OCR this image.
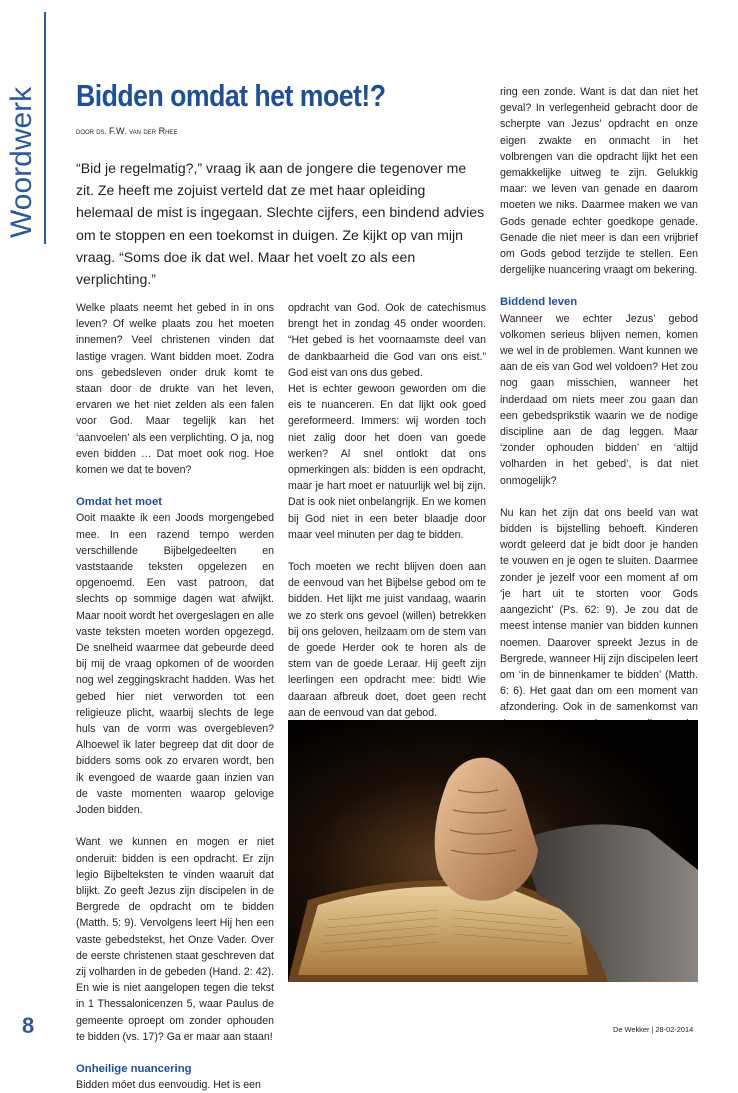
Woordwerk Bidden omdat het moet!?
door ds. F.W. van der Rhee
“Bid je regelmatig?,” vraag ik aan de jongere die tegenover me zit. Ze heeft me zojuist verteld dat ze met haar opleiding helemaal de mist is ingegaan. Slechte cijfers, een bindend advies om te stoppen en een toekomst in duigen. Ze kijkt op van mijn vraag. “Soms doe ik dat wel. Maar het voelt zo als een verplichting.”

Welke plaats neemt het gebed in in ons leven? Of welke plaats zou het moeten innemen? Veel christenen vinden dat lastige vragen. Want bidden moet. Zodra ons gebedsleven onder druk komt te staan door de drukte van het leven, ervaren we het niet zelden als een falen voor God. Maar tegelijk kan het ‘aanvoelen’ als een verplichting. O ja, nog even bidden … Dat moet ook nog. Hoe komen we dat te boven?

Omdat het moet

Ooit maakte ik een Joods morgengebed mee. In een razend tempo werden verschillende Bijbelgedeelten en vaststaande teksten opgelezen en opgenoemd. Een vast patroon, dat slechts op sommige dagen wat afwijkt. Maar nooit wordt het overgeslagen en alle vaste teksten moeten worden opgezegd. De snelheid waarmee dat gebeurde deed bij mij de vraag opkomen of de woorden nog wel zeggingskracht hadden. Was het gebed hier niet verworden tot een religieuze plicht, waarbij slechts de lege huls van de vorm was overgebleven? Alhoewel ik later begreep dat dit door de bidders soms ook zo ervaren wordt, ben ik evengoed de waarde gaan inzien van de vaste momenten waarop gelovige Joden bidden.

Want we kunnen en mogen er niet onderuit: bidden is een opdracht. Er zijn legio Bijbelteksten te vinden waaruit dat blijkt. Zo geeft Jezus zijn discipelen in de Bergrede de opdracht om te bidden (Matth. 5: 9). Vervolgens leert Hij hen een vaste gebedstekst, het Onze Vader. Over de eerste christenen staat geschreven dat zij volharden in de gebeden (Hand. 2: 42). En wie is niet aangelopen tegen die tekst in 1 Thessalonicenzen 5, waar Paulus de gemeente oproept om zonder ophouden te bidden (vs. 17)? Ga er maar aan staan!

Onheilige nuancering

Bidden móet dus eenvoudig. Het is een

opdracht van God. Ook de catechismus brengt het in zondag 45 onder woorden. “Het gebed is het voornaamste deel van de dankbaarheid die God van ons eist.” God eist van ons dus gebed.

Het is echter gewoon geworden om die eis te nuanceren. En dat lijkt ook goed gereformeerd. Immers: wij worden toch niet zalig door het doen van goede werken? Al snel ontlokt dat ons opmerkingen als: bidden is een opdracht, maar je hart moet er natuurlijk wel bij zijn. Dat is ook niet onbelangrijk. En we komen bij God niet in een beter blaadje door maar veel minuten per dag te bidden.

Toch moeten we recht blijven doen aan de eenvoud van het Bijbelse gebod om te bidden. Het lijkt me juist vandaag, waarin we zo sterk ons gevoel (willen) betrekken bij ons geloven, heilzaam om de stem van de goede Herder ook te horen als de stem van de goede Leraar. Hij geeft zijn leerlingen een opdracht mee: bidt! Wie daaraan afbreuk doet, doet geen recht aan de eenvoud van dat gebod.

ring een zonde. Want is dat dan niet het geval? In verlegenheid gebracht door de scherpte van Jezus’ opdracht en onze eigen zwakte en onmacht in het volbrengen van die opdracht lijkt het een gemakkelijke uitweg te zijn. Gelukkig maar: we leven van genade en daarom moeten we niks. Daarmee maken we van Gods genade echter goedkope genade. Genade die niet meer is dan een vrijbrief om Gods gebod terzijde te stellen. Een dergelijke nuancering vraagt om bekering.

Biddend leven

Wanneer we echter Jezus’ gebod volkomen serieus blijven nemen, komen we wel in de problemen. Want kunnen we aan de eis van God wel voldoen? Het zou nog gaan misschien, wanneer het inderdaad om niets meer zou gaan dan een gebedsprikstik waarin we de nodige discipline aan de dag leggen. Maar ‘zonder ophouden bidden’ en ‘altijd volharden in het gebed’, is dat niet onmogelijk?

Nu kan het zijn dat ons beeld van wat bidden is bijstelling behoeft. Kinderen wordt geleerd dat je bidt door je handen te vouwen en je ogen te sluiten. Daarmee zonder je jezelf voor een moment af om ‘je hart uit te storten voor Gods aangezicht’ (Ps. 62: 9). Je zou dat de meest intense manier van bidden kunnen noemen. Daarover spreekt Jezus in de Bergrede, wanneer Hij zijn discipelen leert om ‘in de binnenkamer te bidden’ (Matth. 6: 6). Het gaat dan om een moment van afzondering. Ook in de samenkomst van

8	De Wekker | 28-02-2014
